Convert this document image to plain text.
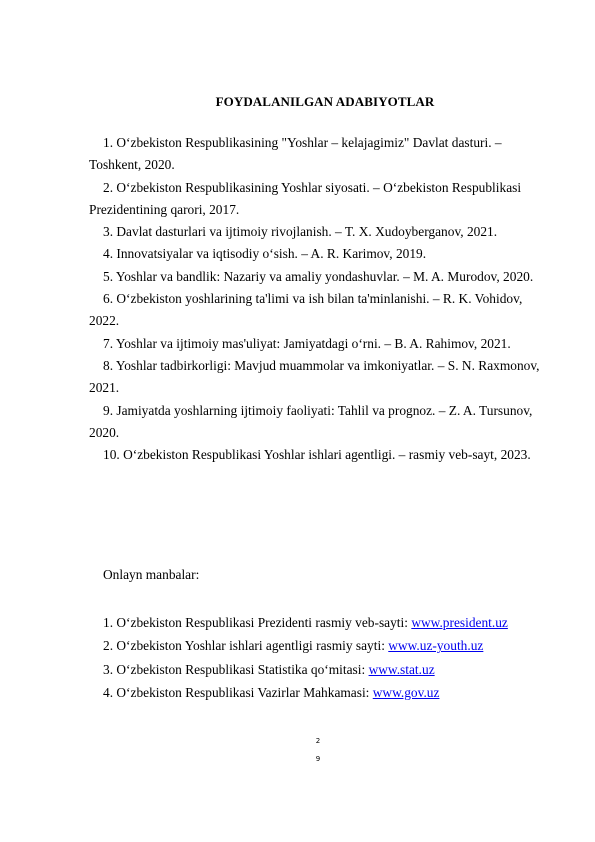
FOYDALANILGAN ADABIYOTLAR

1. O‘zbekiston Respublikasining "Yoshlar – kelajagimiz" Davlat dasturi. – Toshkent, 2020.

2. O‘zbekiston Respublikasining Yoshlar siyosati. – O‘zbekiston Respublikasi Prezidentining qarori, 2017.

3. Davlat dasturlari va ijtimoiy rivojlanish. – T. X. Xudoyberganov, 2021.

4. Innovatsiyalar va iqtisodiy o‘sish. – A. R. Karimov, 2019.

5. Yoshlar va bandlik: Nazariy va amaliy yondashuvlar. – M. A. Murodov, 2020.

6. O‘zbekiston yoshlarining ta'limi va ish bilan ta'minlanishi. – R. K. Vohidov, 2022.

7. Yoshlar va ijtimoiy mas'uliyat: Jamiyatdagi o‘rni. – B. A. Rahimov, 2021.

8. Yoshlar tadbirkorligi: Mavjud muammolar va imkoniyatlar. – S. N. Raxmonov, 2021.

9. Jamiyatda yoshlarning ijtimoiy faoliyati: Tahlil va prognoz. – Z. A. Tursunov, 2020.

10. O‘zbekiston Respublikasi Yoshlar ishlari agentligi. – rasmiy veb-sayt, 2023.

Onlayn manbalar:

1. O‘zbekiston Respublikasi Prezidenti rasmiy veb-sayti: www.president.uz

2. O‘zbekiston Yoshlar ishlari agentligi rasmiy sayti: www.uz-youth.uz

3. O‘zbekiston Respublikasi Statistika qo‘mitasi: www.stat.uz

4. O‘zbekiston Respublikasi Vazirlar Mahkamasi: www.gov.uz

2
9
